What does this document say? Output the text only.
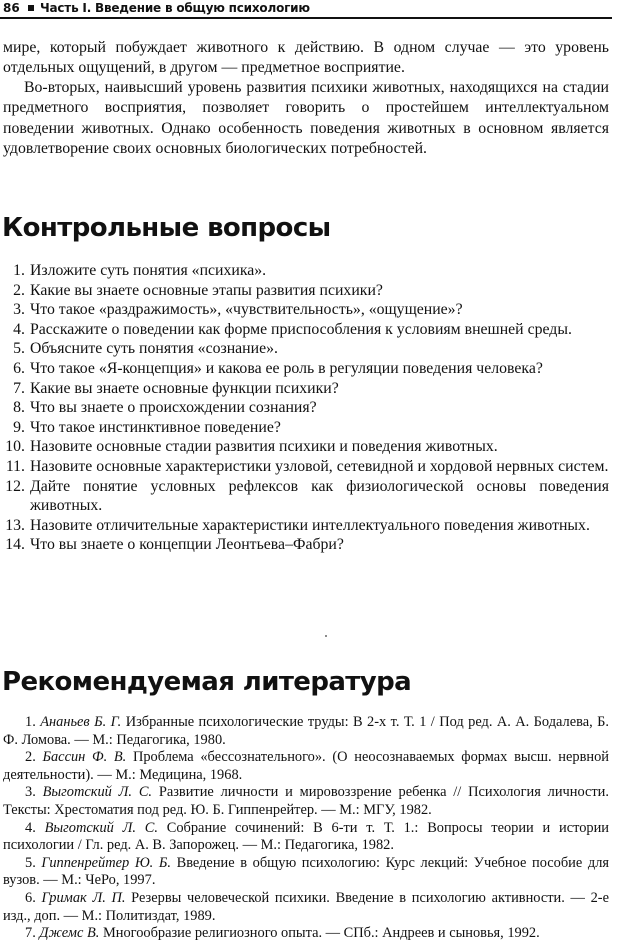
86 Часть I. Введение в общую психологию

мире, который побуждает животного к действию. В одном случае — это уровень отдельных ощущений, в другом — предметное восприятие.

Во-вторых, наивысший уровень развития психики животных, находящихся на стадии предметного восприятия, позволяет говорить о простейшем интеллектуальном поведении животных. Однако особенность поведения животных в основном является удовлетворение своих основных биологических потребностей.

Контрольные вопросы
1. Изложите суть понятия «психика».
2. Какие вы знаете основные этапы развития психики?
3. Что такое «раздражимость», «чувствительность», «ощущение»?
4. Расскажите о поведении как форме приспособления к условиям внешней среды.
5. Объясните суть понятия «сознание».
6. Что такое «Я-концепция» и какова ее роль в регуляции поведения человека?
7. Какие вы знаете основные функции психики?
8. Что вы знаете о происхождении сознания?
9. Что такое инстинктивное поведение?
10. Назовите основные стадии развития психики и поведения животных.
11. Назовите основные характеристики узловой, сетевидной и хордовой нервных систем.
12. Дайте понятие условных рефлексов как физиологической основы поведения животных.
13. Назовите отличительные характеристики интеллектуального поведения животных.
14. Что вы знаете о концепции Леонтьева–Фабри?
Рекомендуемая литература
1. Ананьев Б. Г. Избранные психологические труды: В 2-х т. Т. 1 / Под ред. А. А. Бодалева, Б. Ф. Ломова. — М.: Педагогика, 1980.
2. Бассин Ф. В. Проблема «бессознательного». (О неосознаваемых формах высш. нервной деятельности). — М.: Медицина, 1968.
3. Выготский Л. С. Развитие личности и мировоззрение ребенка // Психология личности. Тексты: Хрестоматия под ред. Ю. Б. Гиппенрейтер. — М.: МГУ, 1982.
4. Выготский Л. С. Собрание сочинений: В 6-ти т. Т. 1.: Вопросы теории и истории психологии / Гл. ред. А. В. Запорожец. — М.: Педагогика, 1982.
5. Гиппенрейтер Ю. Б. Введение в общую психологию: Курс лекций: Учебное пособие для вузов. — М.: ЧеРо, 1997.
6. Гримак Л. П. Резервы человеческой психики. Введение в психологию активности. — 2-е изд., доп. — М.: Политиздат, 1989.
7. Джемс В. Многообразие религиозного опыта. — СПб.: Андреев и сыновья, 1992.
